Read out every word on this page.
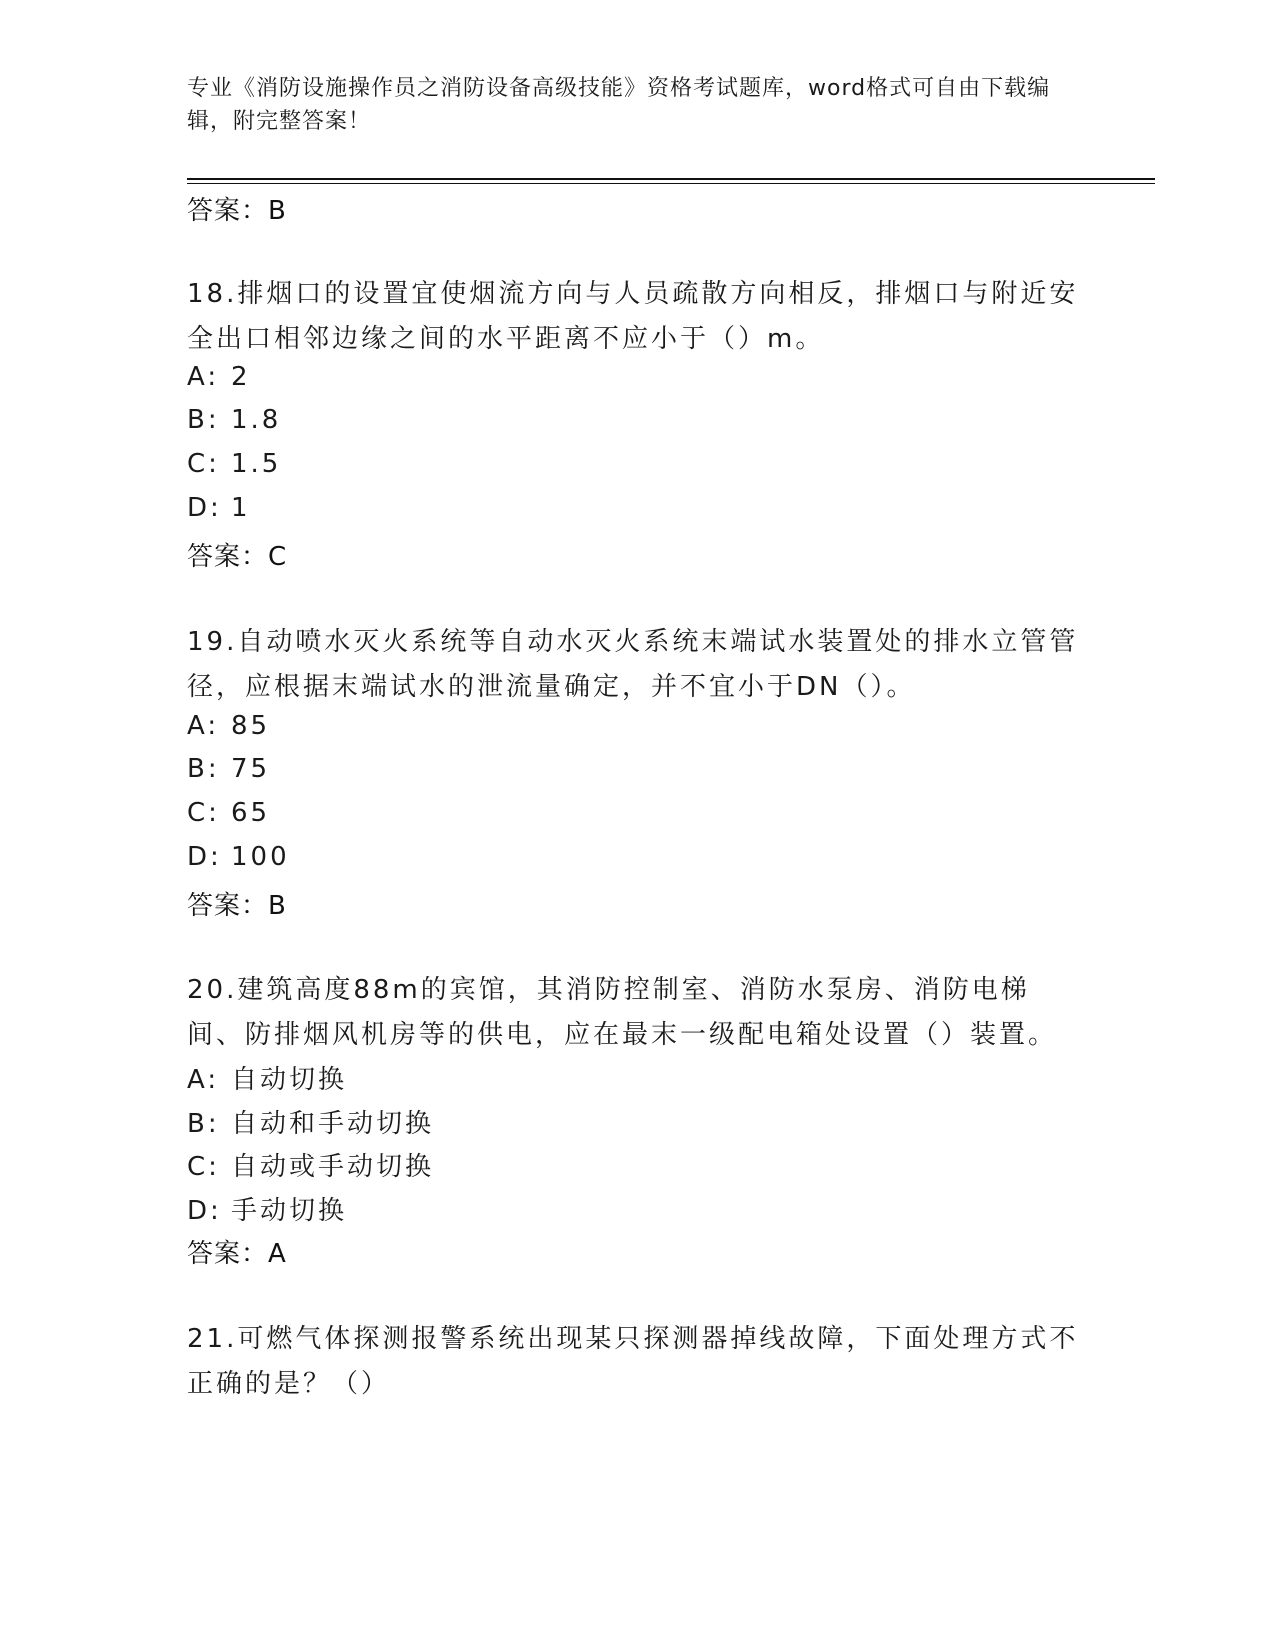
专业《消防设施操作员之消防设备高级技能》资格考试题库，word格式可自由下载编辑，附完整答案！
答案：B
18.排烟口的设置宜使烟流方向与人员疏散方向相反，排烟口与附近安全出口相邻边缘之间的水平距离不应小于（）m。
A: 2
B: 1.8
C: 1.5
D: 1
答案：C
19.自动喷水灭火系统等自动水灭火系统末端试水装置处的排水立管管径，应根据末端试水的泄流量确定，并不宜小于DN（）。
A: 85
B: 75
C: 65
D: 100
答案：B
20.建筑高度88m的宾馆，其消防控制室、消防水泵房、消防电梯间、防排烟风机房等的供电，应在最末一级配电箱处设置（）装置。
A: 自动切换
B: 自动和手动切换
C: 自动或手动切换
D: 手动切换
答案：A
21.可燃气体探测报警系统出现某只探测器掉线故障，下面处理方式不正确的是？（）
